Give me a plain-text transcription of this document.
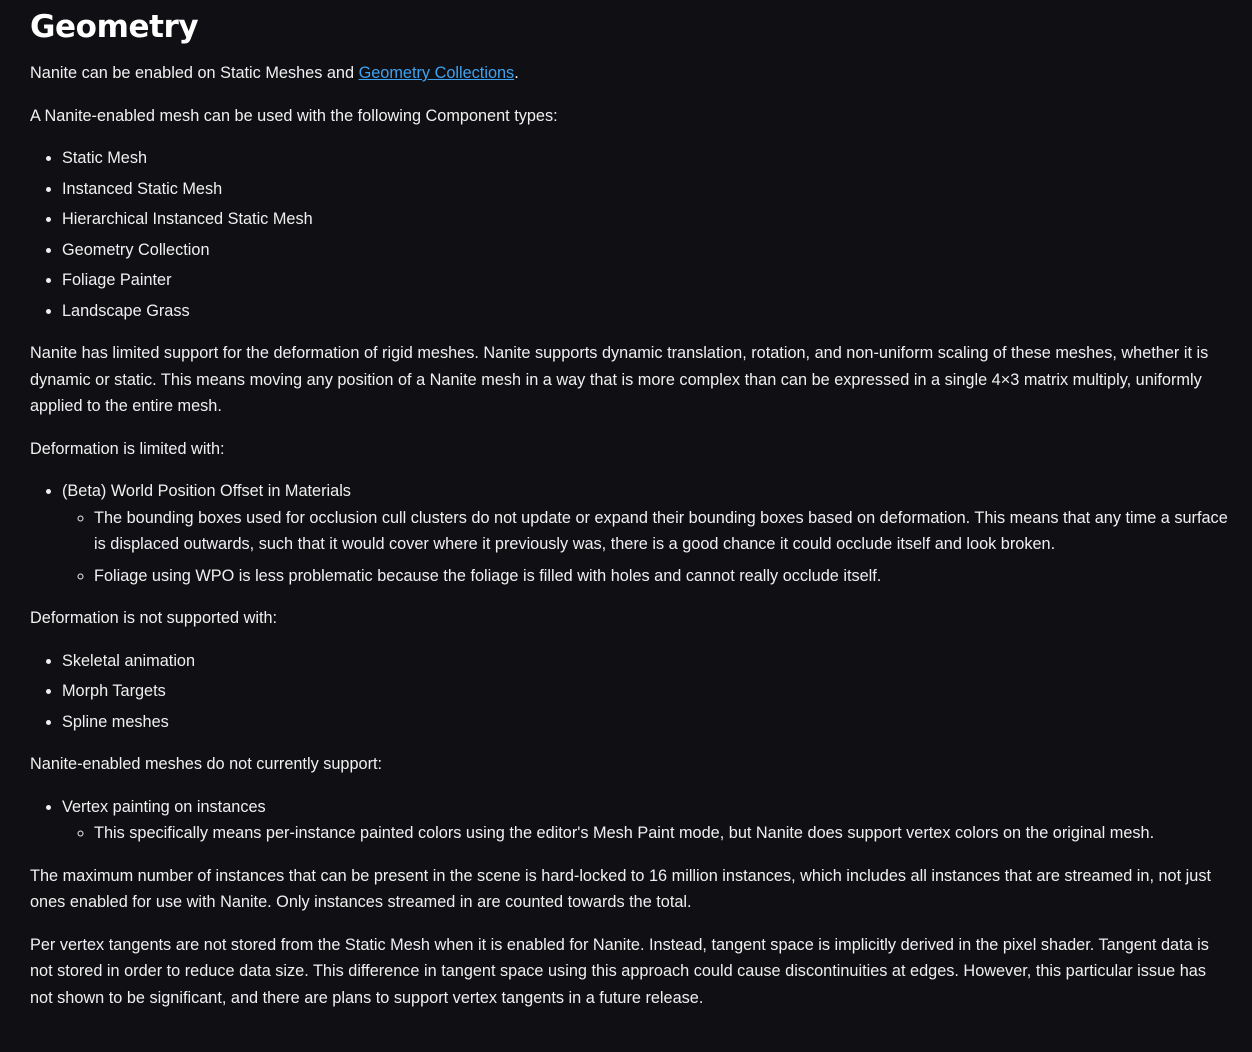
Geometry

Nanite can be enabled on Static Meshes and Geometry Collections.

A Nanite-enabled mesh can be used with the following Component types:

• Static Mesh
• Instanced Static Mesh
• Hierarchical Instanced Static Mesh
• Geometry Collection
• Foliage Painter
• Landscape Grass

Nanite has limited support for the deformation of rigid meshes. Nanite supports dynamic translation, rotation, and non-uniform scaling of these meshes, whether it is dynamic or static. This means moving any position of a Nanite mesh in a way that is more complex than can be expressed in a single 4×3 matrix multiply, uniformly applied to the entire mesh.

Deformation is limited with:

• (Beta) World Position Offset in Materials
◦ The bounding boxes used for occlusion cull clusters do not update or expand their bounding boxes based on deformation. This means that any time a surface is displaced outwards, such that it would cover where it previously was, there is a good chance it could occlude itself and look broken.
◦ Foliage using WPO is less problematic because the foliage is filled with holes and cannot really occlude itself.

Deformation is not supported with:

• Skeletal animation
• Morph Targets
• Spline meshes

Nanite-enabled meshes do not currently support:

• Vertex painting on instances
◦ This specifically means per-instance painted colors using the editor's Mesh Paint mode, but Nanite does support vertex colors on the original mesh.

The maximum number of instances that can be present in the scene is hard-locked to 16 million instances, which includes all instances that are streamed in, not just ones enabled for use with Nanite. Only instances streamed in are counted towards the total.

Per vertex tangents are not stored from the Static Mesh when it is enabled for Nanite. Instead, tangent space is implicitly derived in the pixel shader. Tangent data is not stored in order to reduce data size. This difference in tangent space using this approach could cause discontinuities at edges. However, this particular issue has not shown to be significant, and there are plans to support vertex tangents in a future release.
